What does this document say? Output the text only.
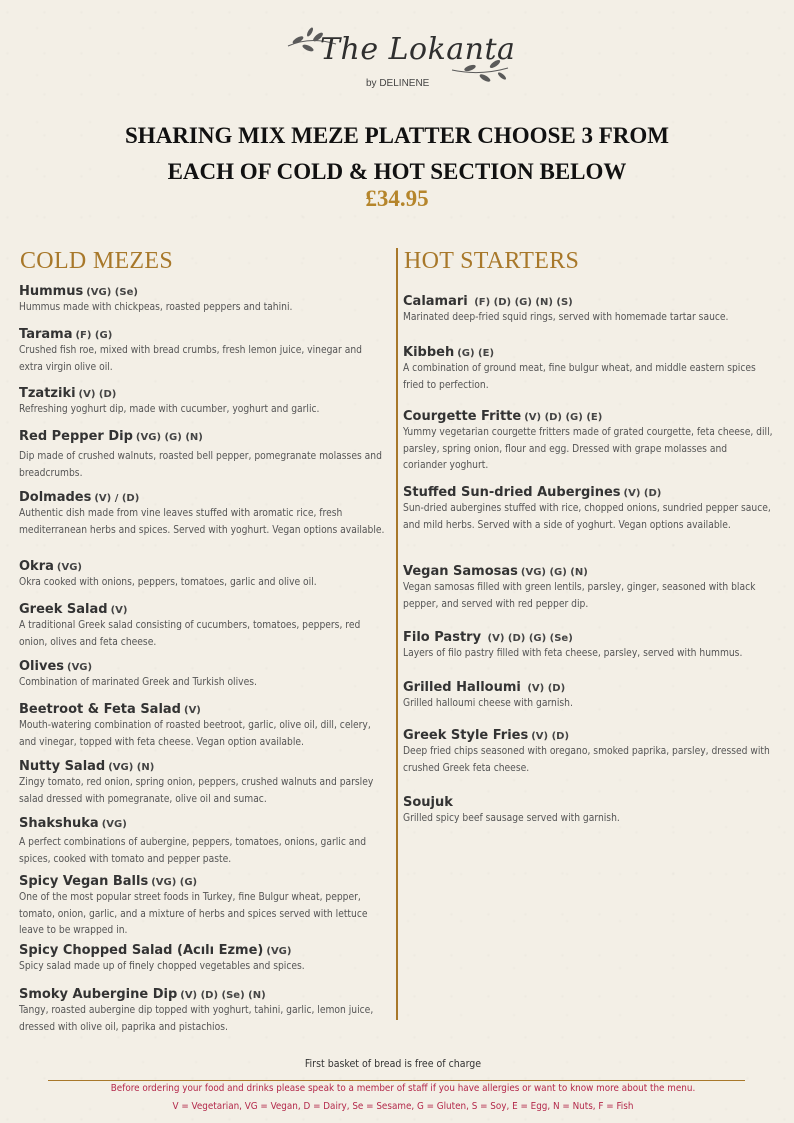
The Lokanta
by DELINENE
SHARING MIX MEZE PLATTER CHOOSE 3 FROM
EACH OF COLD & HOT SECTION BELOW
£34.95
COLD MEZES	HOT STARTERS
Hummus (VG) (Se)
Hummus made with chickpeas, roasted peppers and tahini.
Tarama (F) (G)
Crushed fish roe, mixed with bread crumbs, fresh lemon juice, vinegar and extra virgin olive oil.
Tzatziki (V) (D)
Refreshing yoghurt dip, made with cucumber, yoghurt and garlic.
Red Pepper Dip (VG) (G) (N)
Dip made of crushed walnuts, roasted bell pepper, pomegranate molasses and breadcrumbs.
Dolmades (V) / (D)
Authentic dish made from vine leaves stuffed with aromatic rice, fresh mediterranean herbs and spices. Served with yoghurt. Vegan options available.
Okra (VG)
Okra cooked with onions, peppers, tomatoes, garlic and olive oil.
Greek Salad (V)
A traditional Greek salad consisting of cucumbers, tomatoes, peppers, red onion, olives and feta cheese.
Olives (VG)
Combination of marinated Greek and Turkish olives.
Beetroot & Feta Salad (V)
Mouth-watering combination of roasted beetroot, garlic, olive oil, dill, celery, and vinegar, topped with feta cheese. Vegan option available.
Nutty Salad (VG) (N)
Zingy tomato, red onion, spring onion, peppers, crushed walnuts and parsley salad dressed with pomegranate, olive oil and sumac.
Shakshuka (VG)
A perfect combinations of aubergine, peppers, tomatoes, onions, garlic and spices, cooked with tomato and pepper paste.
Spicy Vegan Balls (VG) (G)
One of the most popular street foods in Turkey, fine Bulgur wheat, pepper, tomato, onion, garlic, and a mixture of herbs and spices served with lettuce leave to be wrapped in.
Spicy Chopped Salad (Acılı Ezme) (VG)
Spicy salad made up of finely chopped vegetables and spices.
Smoky Aubergine Dip (V) (D) (Se) (N)
Tangy, roasted aubergine dip topped with yoghurt, tahini, garlic, lemon juice, dressed with olive oil, paprika and pistachios.
Calamari (F) (D) (G) (N) (S)
Marinated deep-fried squid rings, served with homemade tartar sauce.
Kibbeh (G) (E)
A combination of ground meat, fine bulgur wheat, and middle eastern spices fried to perfection.
Courgette Fritte (V) (D) (G) (E)
Yummy vegetarian courgette fritters made of grated courgette, feta cheese, dill, parsley, spring onion, flour and egg. Dressed with grape molasses and coriander yoghurt.
Stuffed Sun-dried Aubergines (V) (D)
Sun-dried aubergines stuffed with rice, chopped onions, sundried pepper sauce, and mild herbs. Served with a side of yoghurt. Vegan options available.
Vegan Samosas (VG) (G) (N)
Vegan samosas filled with green lentils, parsley, ginger, seasoned with black pepper, and served with red pepper dip.
Filo Pastry (V) (D) (G) (Se)
Layers of filo pastry filled with feta cheese, parsley, served with hummus.
Grilled Halloumi (V) (D)
Grilled halloumi cheese with garnish.
Greek Style Fries (V) (D)
Deep fried chips seasoned with oregano, smoked paprika, parsley, dressed with crushed Greek feta cheese.
Soujuk
Grilled spicy beef sausage served with garnish.
First basket of bread is free of charge
Before ordering your food and drinks please speak to a member of staff if you have allergies or want to know more about the menu.
V = Vegetarian, VG = Vegan, D = Dairy, Se = Sesame, G = Gluten, S = Soy, E = Egg, N = Nuts, F = Fish
